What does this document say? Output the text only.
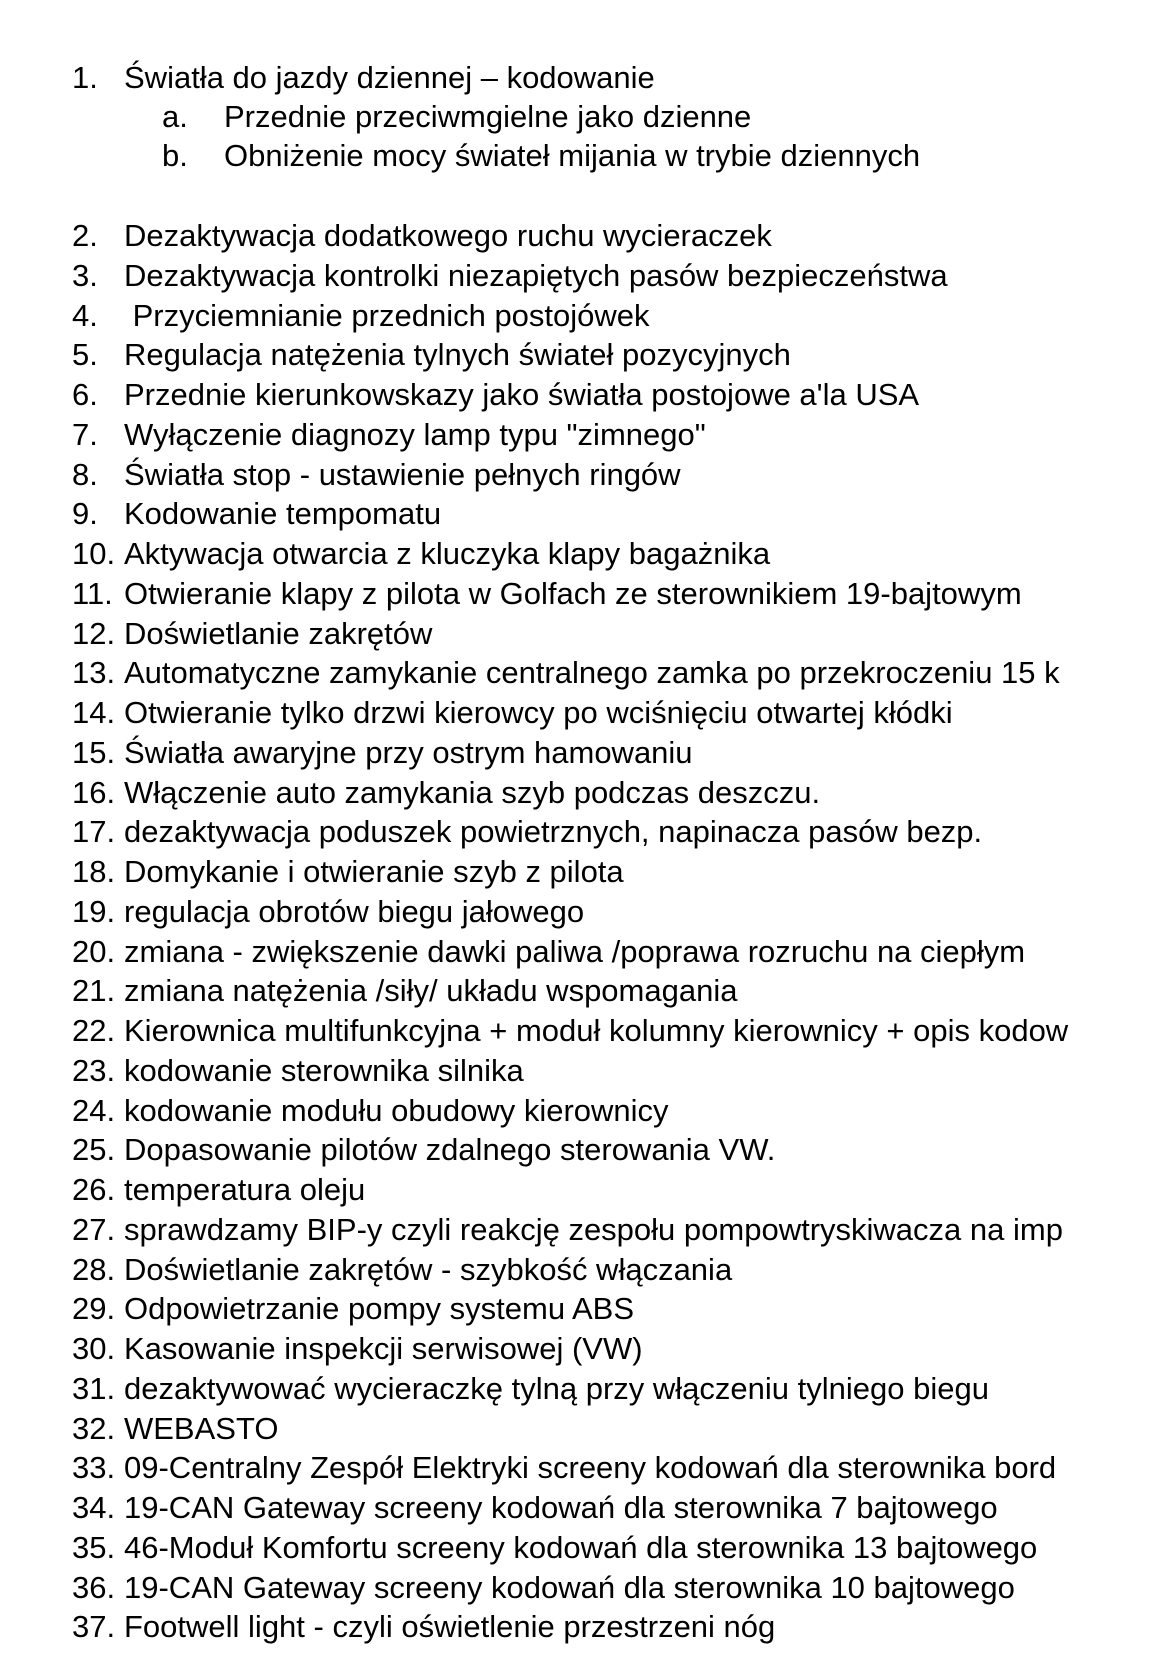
1. Światła do jazdy dziennej – kodowanie
a. Przednie przeciwmgielne jako dzienne
b. Obniżenie mocy świateł mijania w trybie dziennych
2. Dezaktywacja dodatkowego ruchu wycieraczek
3. Dezaktywacja kontrolki niezapiętych pasów bezpieczeństwa
4. Przyciemnianie przednich postojówek
5. Regulacja natężenia tylnych świateł pozycyjnych
6. Przednie kierunkowskazy jako światła postojowe a'la USA
7. Wyłączenie diagnozy lamp typu "zimnego"
8. Światła stop - ustawienie pełnych ringów
9. Kodowanie tempomatu
10. Aktywacja otwarcia z kluczyka klapy bagażnika
11. Otwieranie klapy z pilota w Golfach ze sterownikiem 19-bajtowym
12. Doświetlanie zakrętów
13. Automatyczne zamykanie centralnego zamka po przekroczeniu 15 k
14. Otwieranie tylko drzwi kierowcy po wciśnięciu otwartej kłódki
15. Światła awaryjne przy ostrym hamowaniu
16. Włączenie auto zamykania szyb podczas deszczu.
17. dezaktywacja poduszek powietrznych, napinacza pasów bezp.
18. Domykanie i otwieranie szyb z pilota
19. regulacja obrotów biegu jałowego
20. zmiana - zwiększenie dawki paliwa /poprawa rozruchu na ciepłym
21. zmiana natężenia /siły/ układu wspomagania
22. Kierownica multifunkcyjna + moduł kolumny kierownicy + opis kodow
23. kodowanie sterownika silnika
24. kodowanie modułu obudowy kierownicy
25. Dopasowanie pilotów zdalnego sterowania VW.
26. temperatura oleju
27. sprawdzamy BIP-y czyli reakcję zespołu pompowtryskiwacza na imp
28. Doświetlanie zakrętów - szybkość włączania
29. Odpowietrzanie pompy systemu ABS
30. Kasowanie inspekcji serwisowej (VW)
31. dezaktywować wycieraczkę tylną przy włączeniu tylniego biegu
32. WEBASTO
33. 09-Centralny Zespół Elektryki screeny kodowań dla sterownika bord
34. 19-CAN Gateway screeny kodowań dla sterownika 7 bajtowego
35. 46-Moduł Komfortu screeny kodowań dla sterownika 13 bajtowego
36. 19-CAN Gateway screeny kodowań dla sterownika 10 bajtowego
37. Footwell light - czyli oświetlenie przestrzeni nóg
